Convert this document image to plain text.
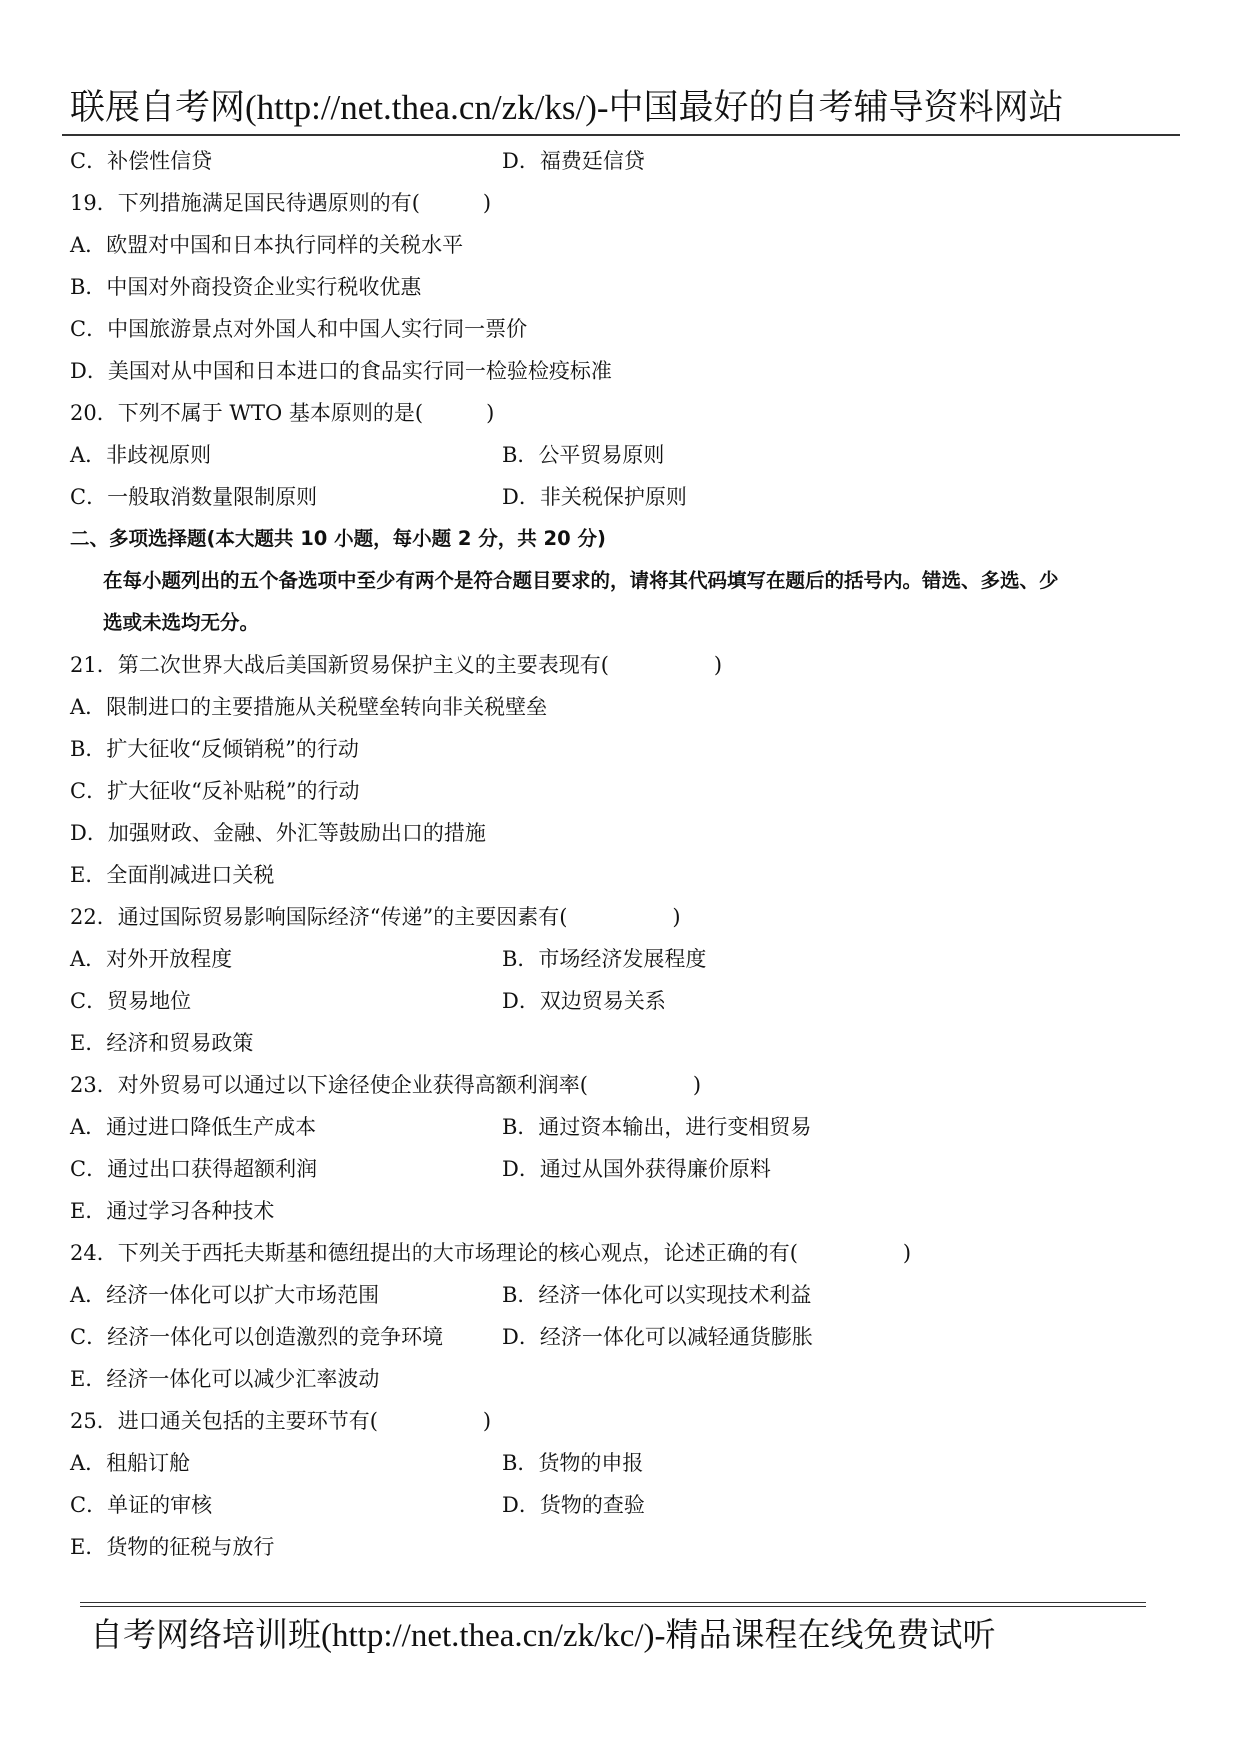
联展自考网(http://net.thea.cn/zk/ks/)-中国最好的自考辅导资料网站
C．补偿性信贷	D．福费廷信贷
19．下列措施满足国民待遇原则的有(　　　)
A．欧盟对中国和日本执行同样的关税水平
B．中国对外商投资企业实行税收优惠
C．中国旅游景点对外国人和中国人实行同一票价
D．美国对从中国和日本进口的食品实行同一检验检疫标准
20．下列不属于 WTO 基本原则的是(　　　)
A．非歧视原则	B．公平贸易原则
C．一般取消数量限制原则	D．非关税保护原则
二、多项选择题(本大题共 10 小题，每小题 2 分，共 20 分)
在每小题列出的五个备选项中至少有两个是符合题目要求的，请将其代码填写在题后的括号内。错选、多选、少
选或未选均无分。
21．第二次世界大战后美国新贸易保护主义的主要表现有(　　　　　)
A．限制进口的主要措施从关税壁垒转向非关税壁垒
B．扩大征收“反倾销税”的行动
C．扩大征收“反补贴税”的行动
D．加强财政、金融、外汇等鼓励出口的措施
E．全面削减进口关税
22．通过国际贸易影响国际经济“传递”的主要因素有(　　　　　)
A．对外开放程度	B．市场经济发展程度
C．贸易地位	D．双边贸易关系
E．经济和贸易政策
23．对外贸易可以通过以下途径使企业获得高额利润率(　　　　　)
A．通过进口降低生产成本	B．通过资本输出，进行变相贸易
C．通过出口获得超额利润	D．通过从国外获得廉价原料
E．通过学习各种技术
24．下列关于西托夫斯基和德纽提出的大市场理论的核心观点，论述正确的有(　　　　　)
A．经济一体化可以扩大市场范围	B．经济一体化可以实现技术利益
C．经济一体化可以创造激烈的竞争环境	D．经济一体化可以减轻通货膨胀
E．经济一体化可以减少汇率波动
25．进口通关包括的主要环节有(　　　　　)
A．租船订舱	B．货物的申报
C．单证的审核	D．货物的查验
E．货物的征税与放行
自考网络培训班(http://net.thea.cn/zk/kc/)-精品课程在线免费试听
